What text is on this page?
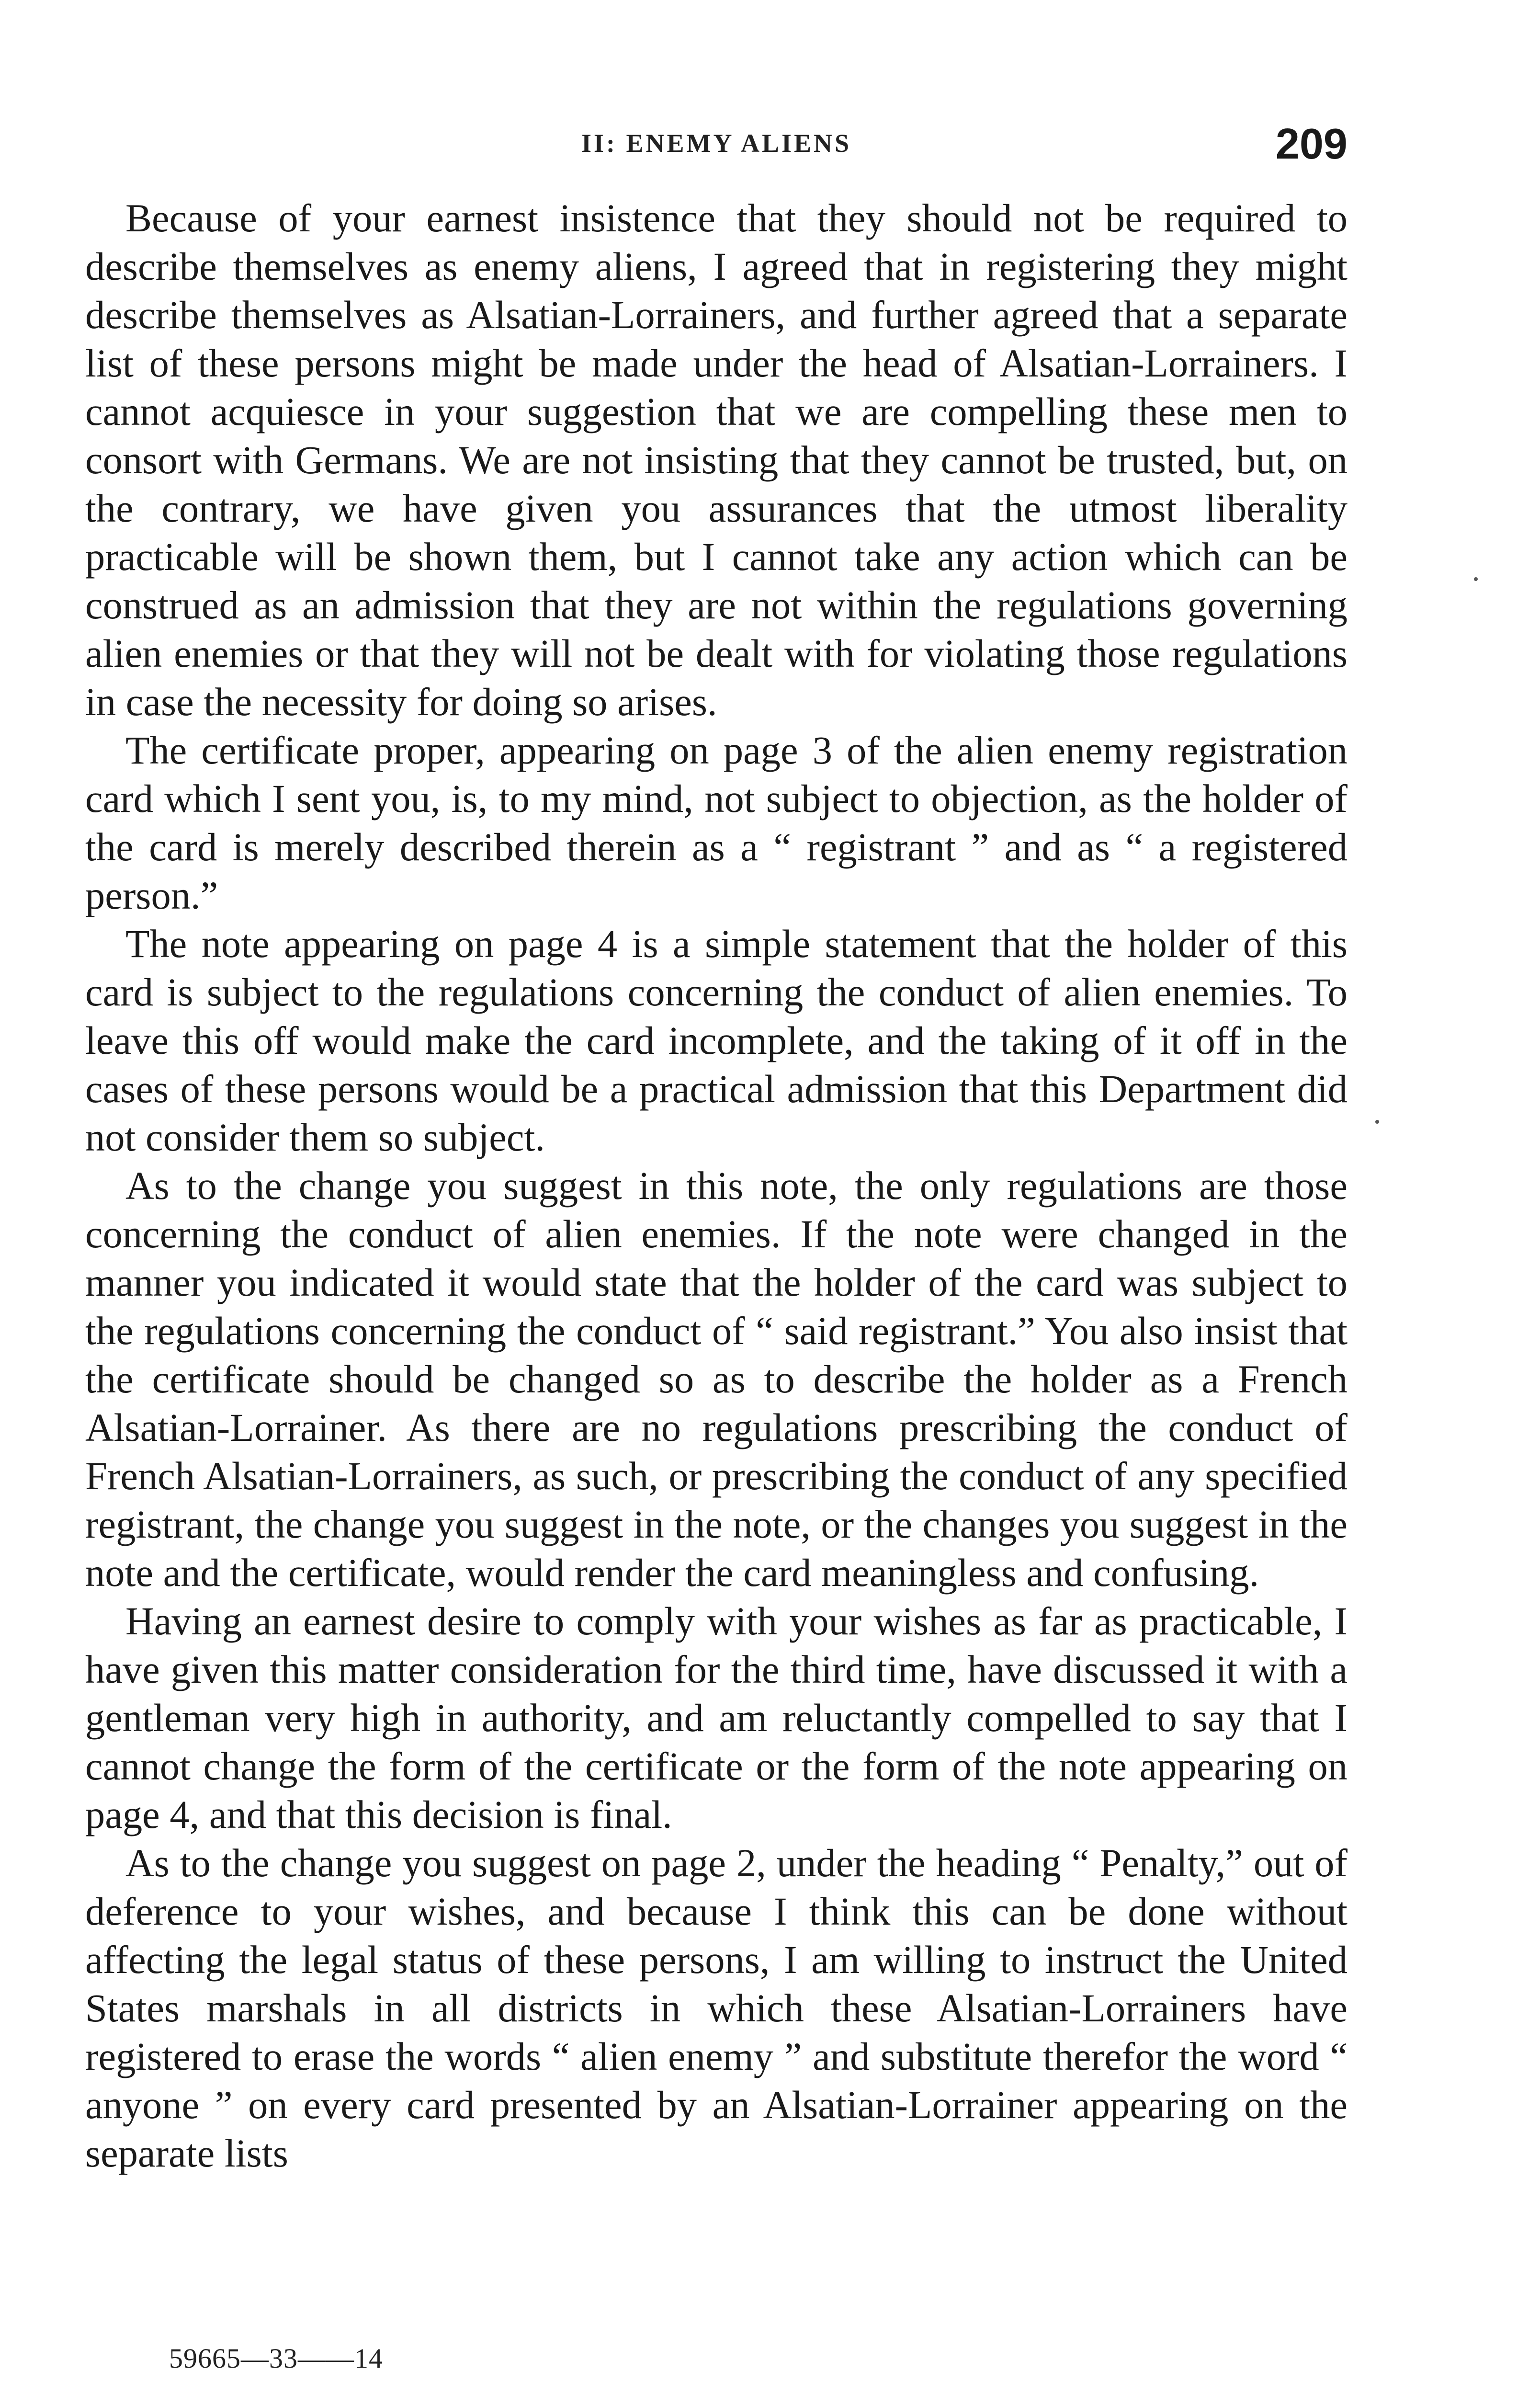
II: ENEMY ALIENS	209

Because of your earnest insistence that they should not be required to describe themselves as enemy aliens, I agreed that in registering they might describe themselves as Alsatian-Lorrainers, and further agreed that a separate list of these persons might be made under the head of Alsatian-Lorrainers. I cannot acquiesce in your suggestion that we are compelling these men to consort with Germans. We are not insisting that they cannot be trusted, but, on the contrary, we have given you assurances that the utmost liberality practicable will be shown them, but I cannot take any action which can be construed as an admission that they are not within the regulations governing alien enemies or that they will not be dealt with for violating those regulations in case the necessity for doing so arises.

The certificate proper, appearing on page 3 of the alien enemy registration card which I sent you, is, to my mind, not subject to objection, as the holder of the card is merely described therein as a “ registrant ” and as “ a registered person.”

The note appearing on page 4 is a simple statement that the holder of this card is subject to the regulations concerning the conduct of alien enemies. To leave this off would make the card incomplete, and the taking of it off in the cases of these persons would be a practical admission that this Department did not consider them so subject.

As to the change you suggest in this note, the only regulations are those concerning the conduct of alien enemies. If the note were changed in the manner you indicated it would state that the holder of the card was subject to the regulations concerning the conduct of “ said registrant.” You also insist that the certificate should be changed so as to describe the holder as a French Alsatian-Lorrainer. As there are no regulations prescribing the conduct of French Alsatian-Lorrainers, as such, or prescribing the conduct of any specified registrant, the change you suggest in the note, or the changes you suggest in the note and the certificate, would render the card meaningless and confusing.

Having an earnest desire to comply with your wishes as far as practicable, I have given this matter consideration for the third time, have discussed it with a gentleman very high in authority, and am reluctantly compelled to say that I cannot change the form of the certificate or the form of the note appearing on page 4, and that this decision is final.

As to the change you suggest on page 2, under the heading “ Penalty,” out of deference to your wishes, and because I think this can be done without affecting the legal status of these persons, I am willing to instruct the United States marshals in all districts in which these Alsatian-Lorrainers have registered to erase the words “ alien enemy ” and substitute therefor the word “ anyone ” on every card presented by an Alsatian-Lorrainer appearing on the separate lists

59665—33——14
